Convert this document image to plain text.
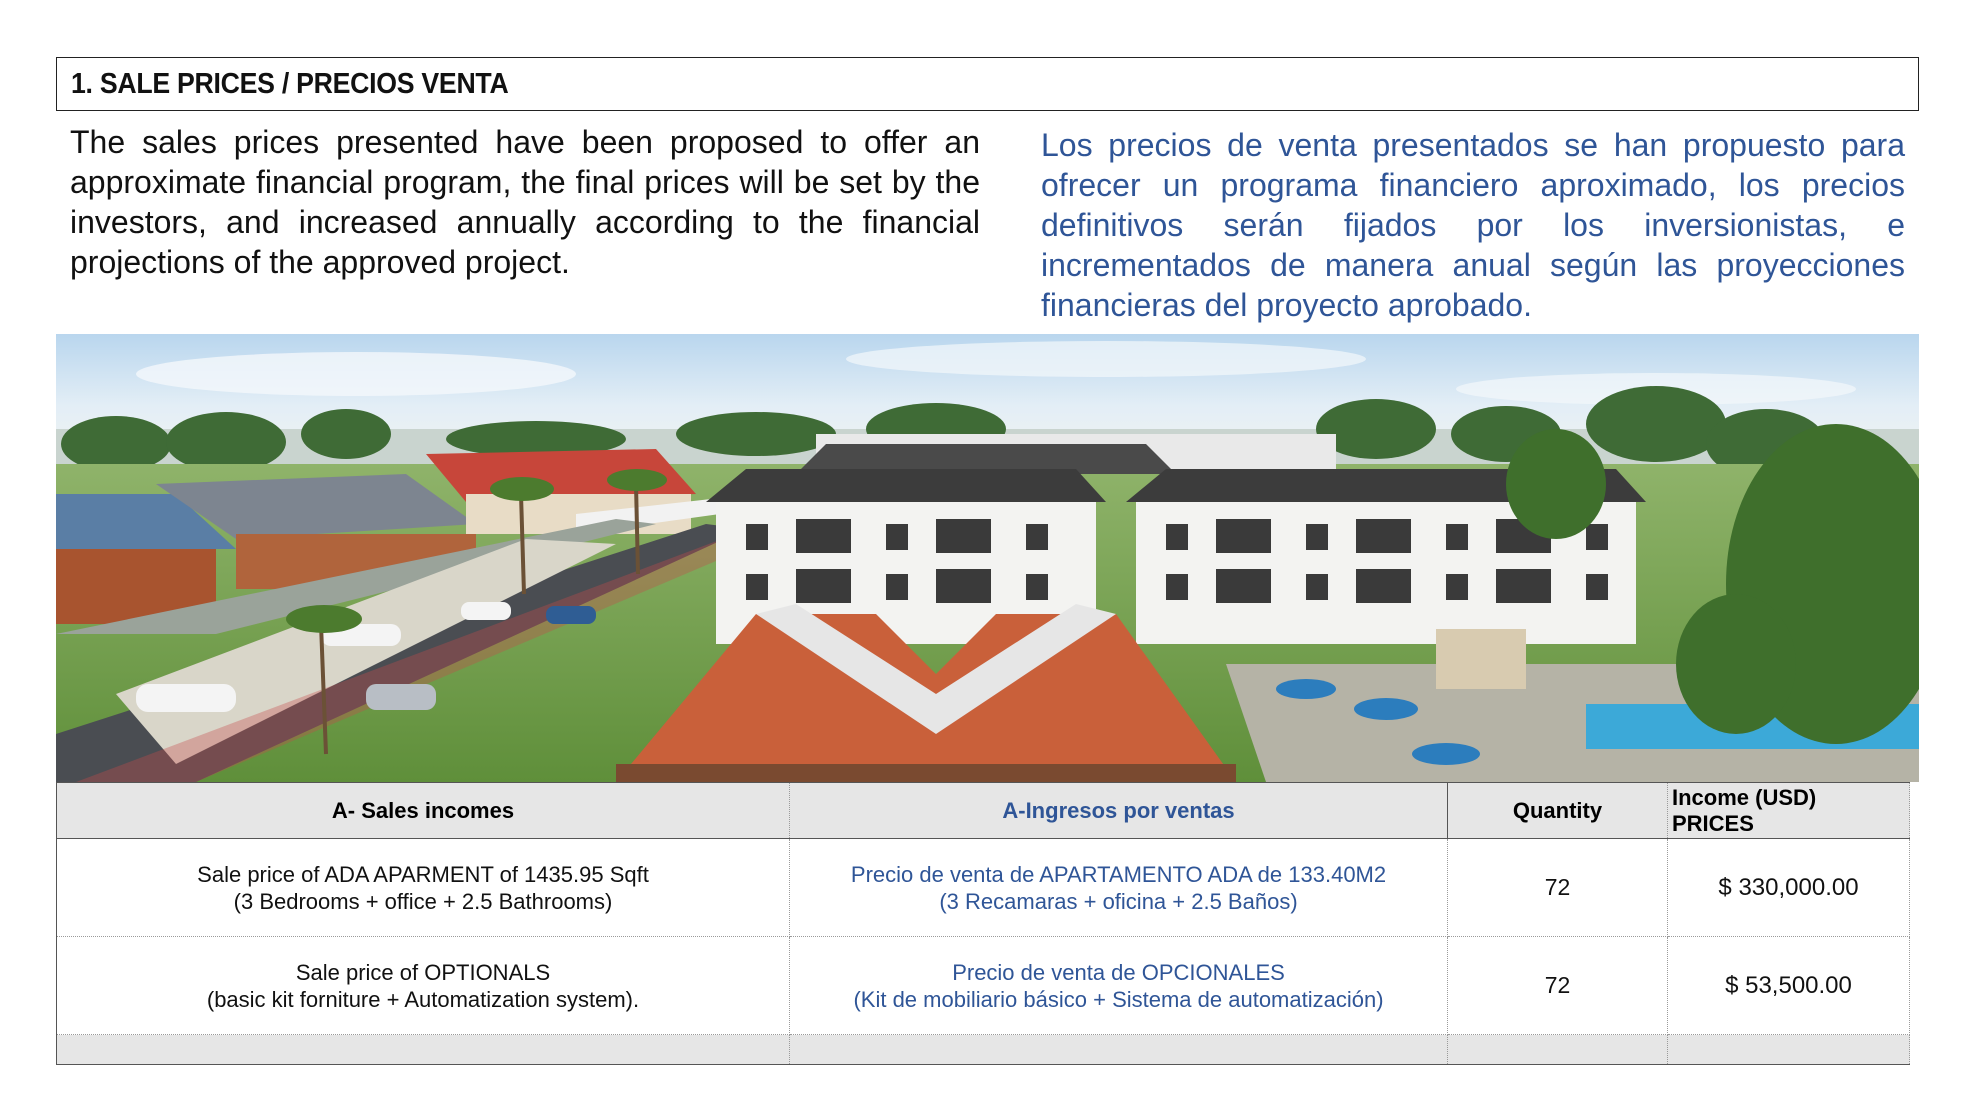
1. SALE PRICES / PRECIOS VENTA

The sales prices presented have been proposed to offer an approximate financial program, the final prices will be set by the investors, and increased annually according to the financial projections of the approved project.

Los precios de venta presentados se han propuesto para ofrecer un programa financiero aproximado, los precios definitivos serán fijados por los inversionistas, e incrementados de manera anual según las proyecciones financieras del proyecto aprobado.

A- Sales incomes	A-Ingresos por ventas	Quantity	Income (USD)
PRICES

Sale price of ADA APARMENT of 1435.95 Sqft
(3 Bedrooms + office + 2.5 Bathrooms)	Precio de venta de APARTAMENTO ADA de 133.40M2
(3 Recamaras + oficina + 2.5 Baños)	72	$ 330,000.00

Sale price of OPTIONALS
(basic kit forniture + Automatization system).	Precio de venta de OPCIONALES
(Kit de mobiliario básico + Sistema de automatización)	72	$ 53,500.00
